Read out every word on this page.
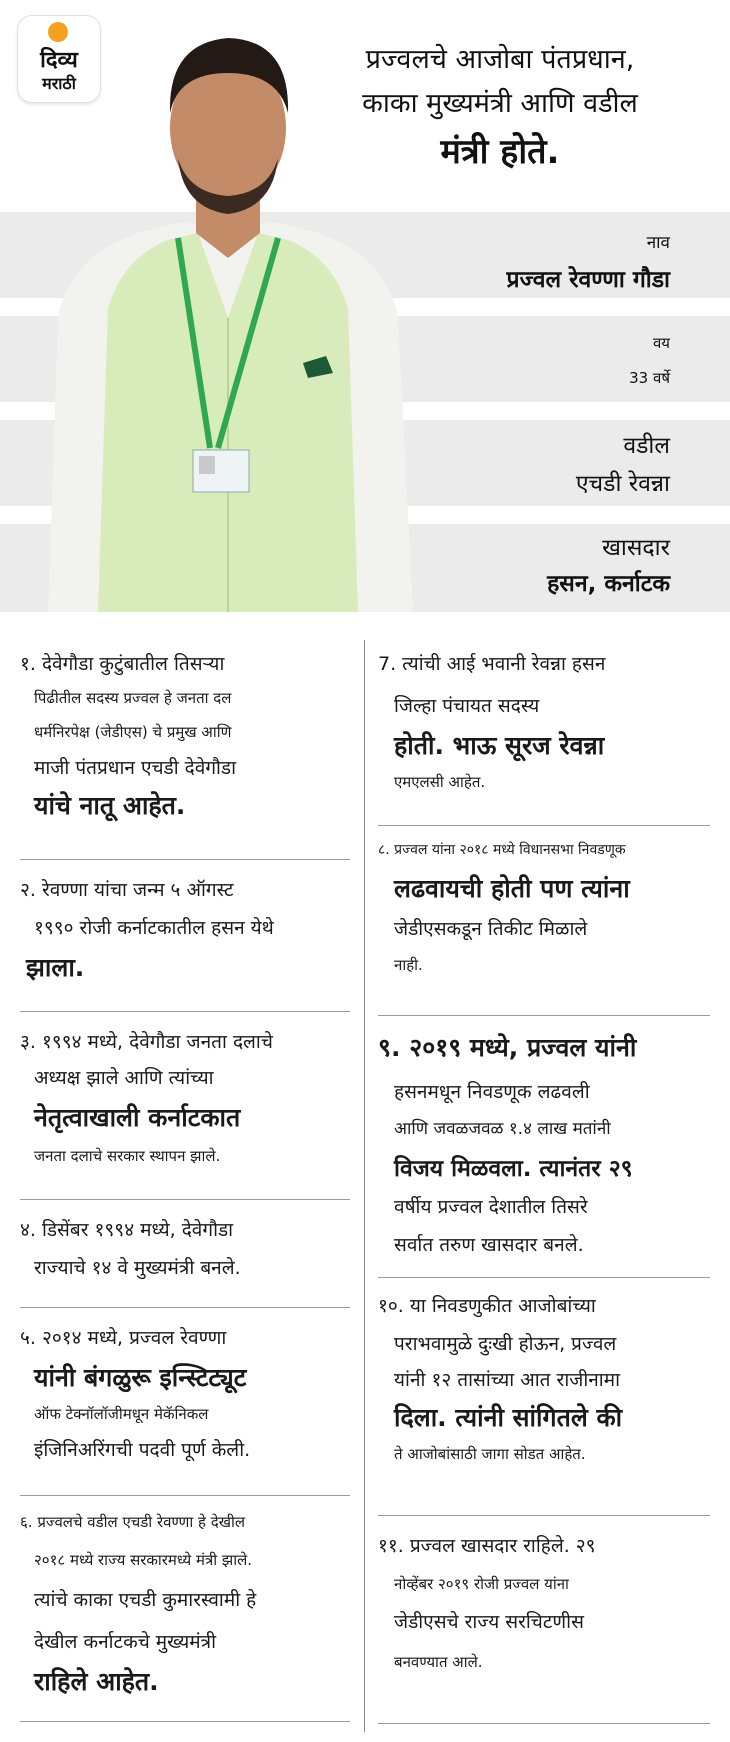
दिव्य
मराठी
प्रज्वलचे आजोबा पंतप्रधान,
काका मुख्यमंत्री आणि वडील
मंत्री होते.
नाव
प्रज्वल रेवण्णा गौडा
वय
33 वर्षे
वडील
एचडी रेवन्ना
खासदार
हसन, कर्नाटक
१. देवेगौडा कुटुंबातील तिसऱ्या
पिढीतील सदस्य प्रज्वल हे जनता दल
धर्मनिरपेक्ष (जेडीएस) चे प्रमुख आणि
माजी पंतप्रधान एचडी देवेगौडा
यांचे नातू आहेत.
२. रेवण्णा यांचा जन्म ५ ऑगस्ट
१९९० रोजी कर्नाटकातील हसन येथे
झाला.
३. १९९४ मध्ये, देवेगौडा जनता दलाचे
अध्यक्ष झाले आणि त्यांच्या
नेतृत्वाखाली कर्नाटकात
जनता दलाचे सरकार स्थापन झाले.
४. डिसेंबर १९९४ मध्ये, देवेगौडा
राज्याचे १४ वे मुख्यमंत्री बनले.
५. २०१४ मध्ये, प्रज्वल रेवण्णा
यांनी बंगळुरू इन्स्टिट्यूट
ऑफ टेक्नॉलॉजीमधून मेकॅनिकल
इंजिनिअरिंगची पदवी पूर्ण केली.
६. प्रज्वलचे वडील एचडी रेवण्णा हे देखील
२०१८ मध्ये राज्य सरकारमध्ये मंत्री झाले.
त्यांचे काका एचडी कुमारस्वामी हे
देखील कर्नाटकचे मुख्यमंत्री
राहिले आहेत.
7. त्यांची आई भवानी रेवन्ना हसन
जिल्हा पंचायत सदस्य
होती. भाऊ सूरज रेवन्ना
एमएलसी आहेत.
८. प्रज्वल यांना २०१८ मध्ये विधानसभा निवडणूक
लढवायची होती पण त्यांना
जेडीएसकडून तिकीट मिळाले
नाही.
९. २०१९ मध्ये, प्रज्वल यांनी
हसनमधून निवडणूक लढवली
आणि जवळजवळ १.४ लाख मतांनी
विजय मिळवला. त्यानंतर २९
वर्षीय प्रज्वल देशातील तिसरे
सर्वात तरुण खासदार बनले.
१०. या निवडणुकीत आजोबांच्या
पराभवामुळे दुःखी होऊन, प्रज्वल
यांनी १२ तासांच्या आत राजीनामा
दिला. त्यांनी सांगितले की
ते आजोबांसाठी जागा सोडत आहेत.
११. प्रज्वल खासदार राहिले. २९
नोव्हेंबर २०१९ रोजी प्रज्वल यांना
जेडीएसचे राज्य सरचिटणीस
बनवण्यात आले.
